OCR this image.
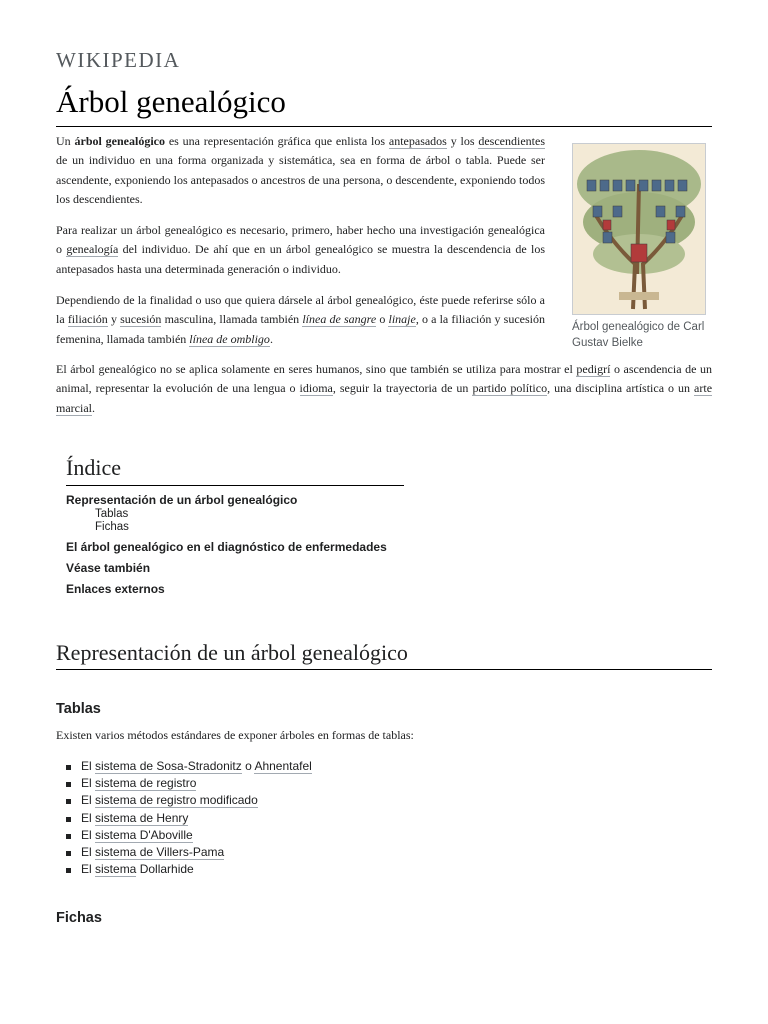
WIKIPEDIA
Árbol genealógico

Un árbol genealógico es una representación gráfica que enlista los antepasados y los descendientes de un individuo en una forma organizada y sistemática, sea en forma de árbol o tabla. Puede ser ascendente, exponiendo los antepasados o ancestros de una persona, o descendente, exponiendo todos los descendientes.

Para realizar un árbol genealógico es necesario, primero, haber hecho una investigación genealógica o genealogía del individuo. De ahí que en un árbol genealógico se muestra la descendencia de los antepasados hasta una determinada generación o individuo.

Dependiendo de la finalidad o uso que quiera dársele al árbol genealógico, éste puede referirse sólo a la filiación y sucesión masculina, llamada también línea de sangre o linaje, o a la filiación y sucesión femenina, llamada también línea de ombligo.

El árbol genealógico no se aplica solamente en seres humanos, sino que también se utiliza para mostrar el pedigrí o ascendencia de un animal, representar la evolución de una lengua o idioma, seguir la trayectoria de un partido político, una disciplina artística o un arte marcial.

Árbol genealógico de Carl Gustav Bielke
Índice
Representación de un árbol genealógico
Tablas
Fichas
El árbol genealógico en el diagnóstico de enfermedades
Véase también
Enlaces externos
Representación de un árbol genealógico
Tablas

Existen varios métodos estándares de exponer árboles en formas de tablas:

El sistema de Sosa-Stradonitz o Ahnentafel
El sistema de registro
El sistema de registro modificado
El sistema de Henry
El sistema D'Aboville
El sistema de Villers-Pama
El sistema Dollarhide
Fichas
